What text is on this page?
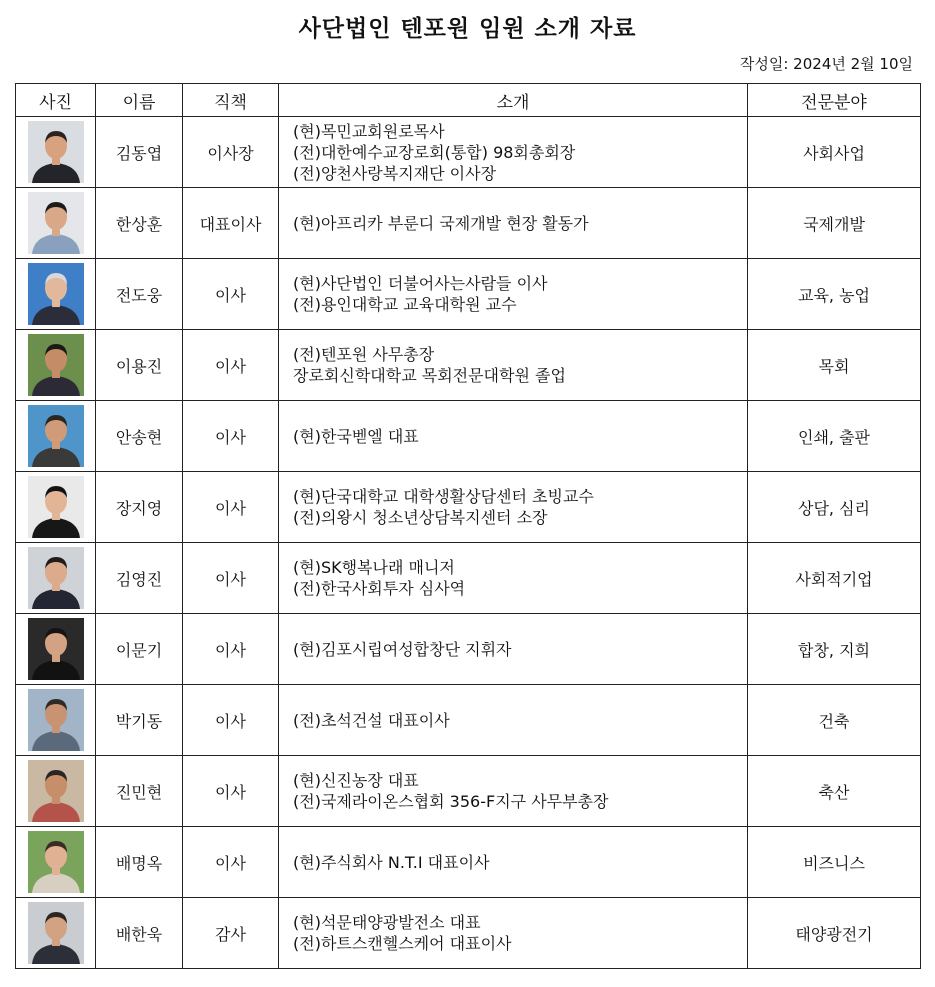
사단법인 텐포원 임원 소개 자료
작성일: 2024년 2월 10일
사진	이름	직책	소개	전문분야

	김동엽	이사장	(현)목민교회원로목사
(전)대한예수교장로회(통합) 98회총회장
(전)양천사랑복지재단 이사장	사회사업

	한상훈	대표이사	(현)아프리카 부룬디 국제개발 현장 활동가	국제개발

	전도웅	이사	(현)사단법인 더불어사는사람들 이사
(전)용인대학교 교육대학원 교수	교육, 농업

	이용진	이사	(전)텐포원 사무총장
장로회신학대학교 목회전문대학원 졸업	목회

	안송현	이사	(현)한국벧엘 대표	인쇄, 출판

	장지영	이사	(현)단국대학교 대학생활상담센터 초빙교수
(전)의왕시 청소년상담복지센터 소장	상담, 심리

	김영진	이사	(현)SK행복나래 매니저
(전)한국사회투자 심사역	사회적기업

	이문기	이사	(현)김포시립여성합창단 지휘자	합창, 지희

	박기동	이사	(전)초석건설 대표이사	건축

	진민현	이사	(현)신진농장 대표
(전)국제라이온스협회 356-F지구 사무부총장	축산

	배명옥	이사	(현)주식회사 N.T.I 대표이사	비즈니스

	배한욱	감사	(현)석문태양광발전소 대표
(전)하트스캔헬스케어 대표이사	태양광전기
